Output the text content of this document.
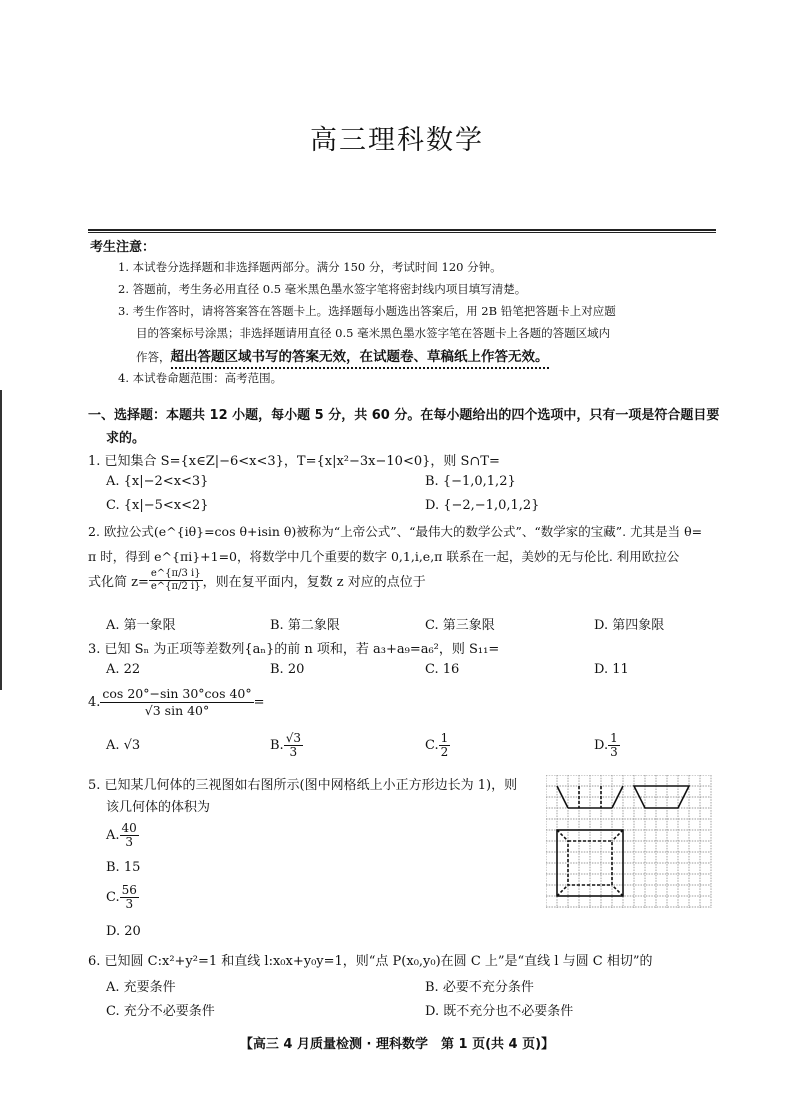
高三理科数学
考生注意：
1. 本试卷分选择题和非选择题两部分。满分 150 分，考试时间 120 分钟。
2. 答题前，考生务必用直径 0.5 毫米黑色墨水签字笔将密封线内项目填写清楚。
3. 考生作答时，请将答案答在答题卡上。选择题每小题选出答案后，用 2B 铅笔把答题卡上对应题
目的答案标号涂黑；非选择题请用直径 0.5 毫米黑色墨水签字笔在答题卡上各题的答题区域内
作答，超出答题区域书写的答案无效，在试题卷、草稿纸上作答无效。
4. 本试卷命题范围：高考范围。
一、选择题：本题共 12 小题，每小题 5 分，共 60 分。在每小题给出的四个选项中，只有一项是符合题目要
求的。
1. 已知集合 S={x∈Z|−6<x<3}，T={x|x²−3x−10<0}，则 S∩T=
A. {x|−2<x<3}	B. {−1,0,1,2}
C. {x|−5<x<2}	D. {−2,−1,0,1,2}
2. 欧拉公式(e^{iθ}=cos θ+isin θ)被称为“上帝公式”、“最伟大的数学公式”、“数学家的宝藏”. 尤其是当 θ=
π 时，得到 e^{πi}+1=0，将数学中几个重要的数字 0,1,i,e,π 联系在一起，美妙的无与伦比. 利用欧拉公
式化简 $z= \frac{e\^{}\{\pi/3 i\}}{e\^{}\{\pi/2 i\}}$ ，则在复平面内，复数 z 对应的点位于
A. 第一象限	B. 第二象限	C. 第三象限	D. 第四象限
3. 已知 Sₙ 为正项等差数列{aₙ}的前 n 项和，若 a₃+a₉=a₆²，则 S₁₁=
A. 22	B. 20	C. 16	D. 11
4. $\frac{\cos 20^\circ-\sin 30^\circ\cos 40^\circ}{√3 \sin 40^\circ}$ =
A. √3	B. $\frac{√3}{3}$	C. $\frac{1}{2}$	D. $\frac{1}{3}$
5. 已知某几何体的三视图如右图所示(图中网格纸上小正方形边长为 1)，则
该几何体的体积为
A. $\frac{40}{3}$
B. 15
C. $\frac{56}{3}$
D. 20
6. 已知圆 C:x²+y²=1 和直线 l:x₀x+y₀y=1，则“点 P(x₀,y₀)在圆 C 上”是“直线 l 与圆 C 相切”的
A. 充要条件	B. 必要不充分条件
C. 充分不必要条件	D. 既不充分也不必要条件
【高三 4 月质量检测 · 理科数学　第 1 页(共 4 页)】
